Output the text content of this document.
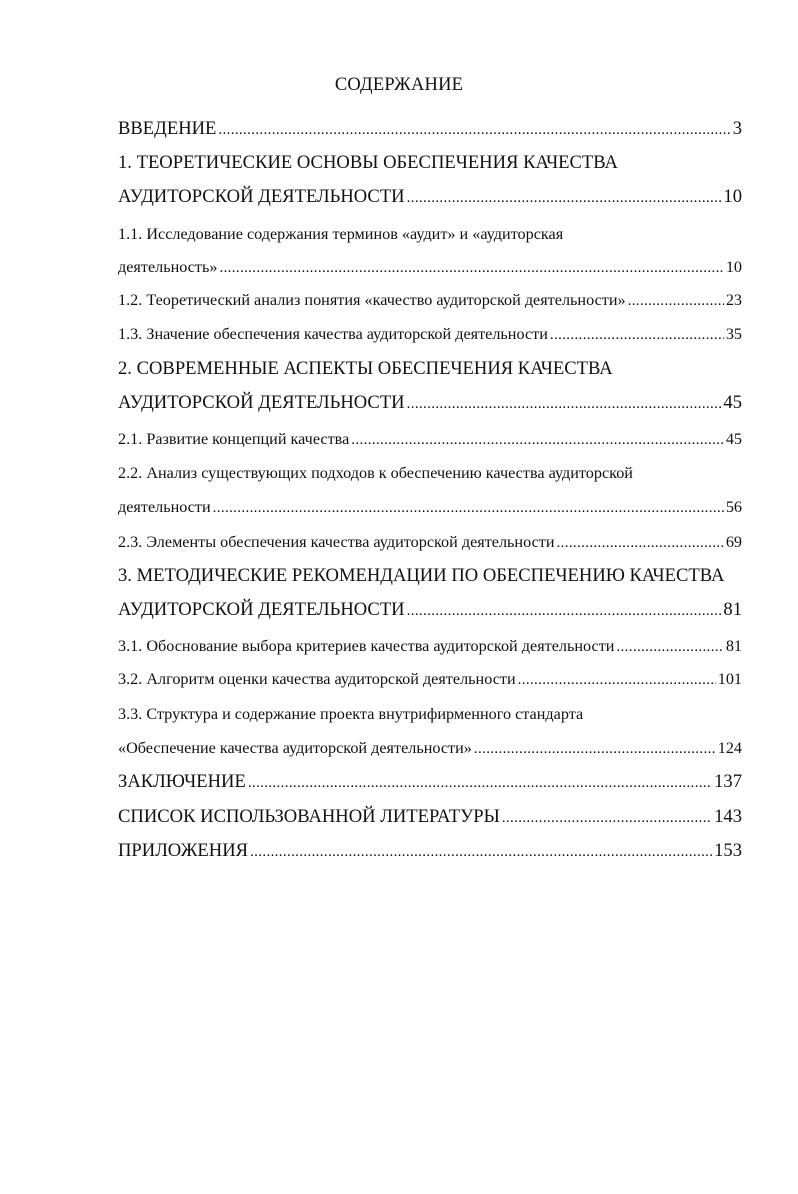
СОДЕРЖАНИЕ
ВВЕДЕНИЕ . . .	3
1. ТЕОРЕТИЧЕСКИЕ ОСНОВЫ ОБЕСПЕЧЕНИЯ КАЧЕСТВА
АУДИТОРСКОЙ ДЕЯТЕЛЬНОСТИ . . .	10
1.1. Исследование содержания терминов «аудит» и «аудиторская
деятельность» . . .	10
1.2. Теоретический анализ понятия «качество аудиторской деятельности» . . .	23
1.3. Значение обеспечения качества аудиторской деятельности . . .	35
2. СОВРЕМЕННЫЕ АСПЕКТЫ ОБЕСПЕЧЕНИЯ КАЧЕСТВА
АУДИТОРСКОЙ ДЕЯТЕЛЬНОСТИ . . .	45
2.1. Развитие концепций качества . . .	45
2.2. Анализ существующих подходов к обеспечению качества аудиторской
деятельности . . .	56
2.3. Элементы обеспечения качества аудиторской деятельности . . .	69
3. МЕТОДИЧЕСКИЕ РЕКОМЕНДАЦИИ ПО ОБЕСПЕЧЕНИЮ КАЧЕСТВА
АУДИТОРСКОЙ ДЕЯТЕЛЬНОСТИ . . .	81
3.1. Обоснование выбора критериев качества аудиторской деятельности . . .	81
3.2. Алгоритм оценки качества аудиторской деятельности . . .	101
3.3. Структура и содержание проекта внутрифирменного стандарта
«Обеспечение качества аудиторской деятельности» . . .	124
ЗАКЛЮЧЕНИЕ . . .	137
СПИСОК ИСПОЛЬЗОВАННОЙ ЛИТЕРАТУРЫ . . .	143
ПРИЛОЖЕНИЯ . . .	153
